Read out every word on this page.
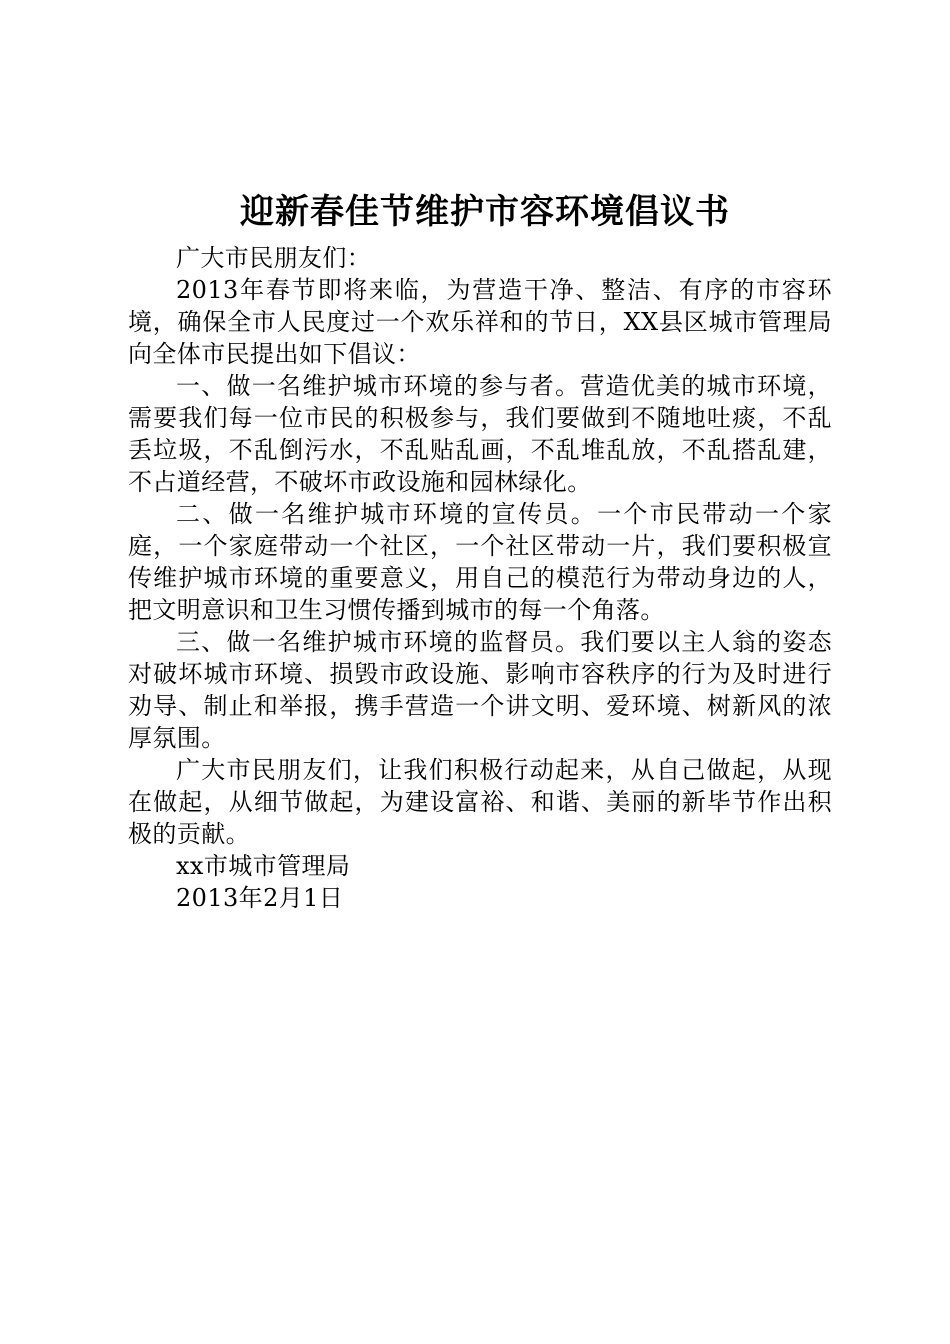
迎新春佳节维护市容环境倡议书

广大市民朋友们：

2013年春节即将来临，为营造干净、整洁、有序的市容环境，确保全市人民度过一个欢乐祥和的节日，XX县区城市管理局向全体市民提出如下倡议：

一、做一名维护城市环境的参与者。营造优美的城市环境，需要我们每一位市民的积极参与，我们要做到不随地吐痰，不乱丢垃圾，不乱倒污水，不乱贴乱画，不乱堆乱放，不乱搭乱建，不占道经营，不破坏市政设施和园林绿化。

二、做一名维护城市环境的宣传员。一个市民带动一个家庭，一个家庭带动一个社区，一个社区带动一片，我们要积极宣传维护城市环境的重要意义，用自己的模范行为带动身边的人，把文明意识和卫生习惯传播到城市的每一个角落。

三、做一名维护城市环境的监督员。我们要以主人翁的姿态对破坏城市环境、损毁市政设施、影响市容秩序的行为及时进行劝导、制止和举报，携手营造一个讲文明、爱环境、树新风的浓厚氛围。

广大市民朋友们，让我们积极行动起来，从自己做起，从现在做起，从细节做起，为建设富裕、和谐、美丽的新毕节作出积极的贡献。

xx市城市管理局

2013年2月1日
